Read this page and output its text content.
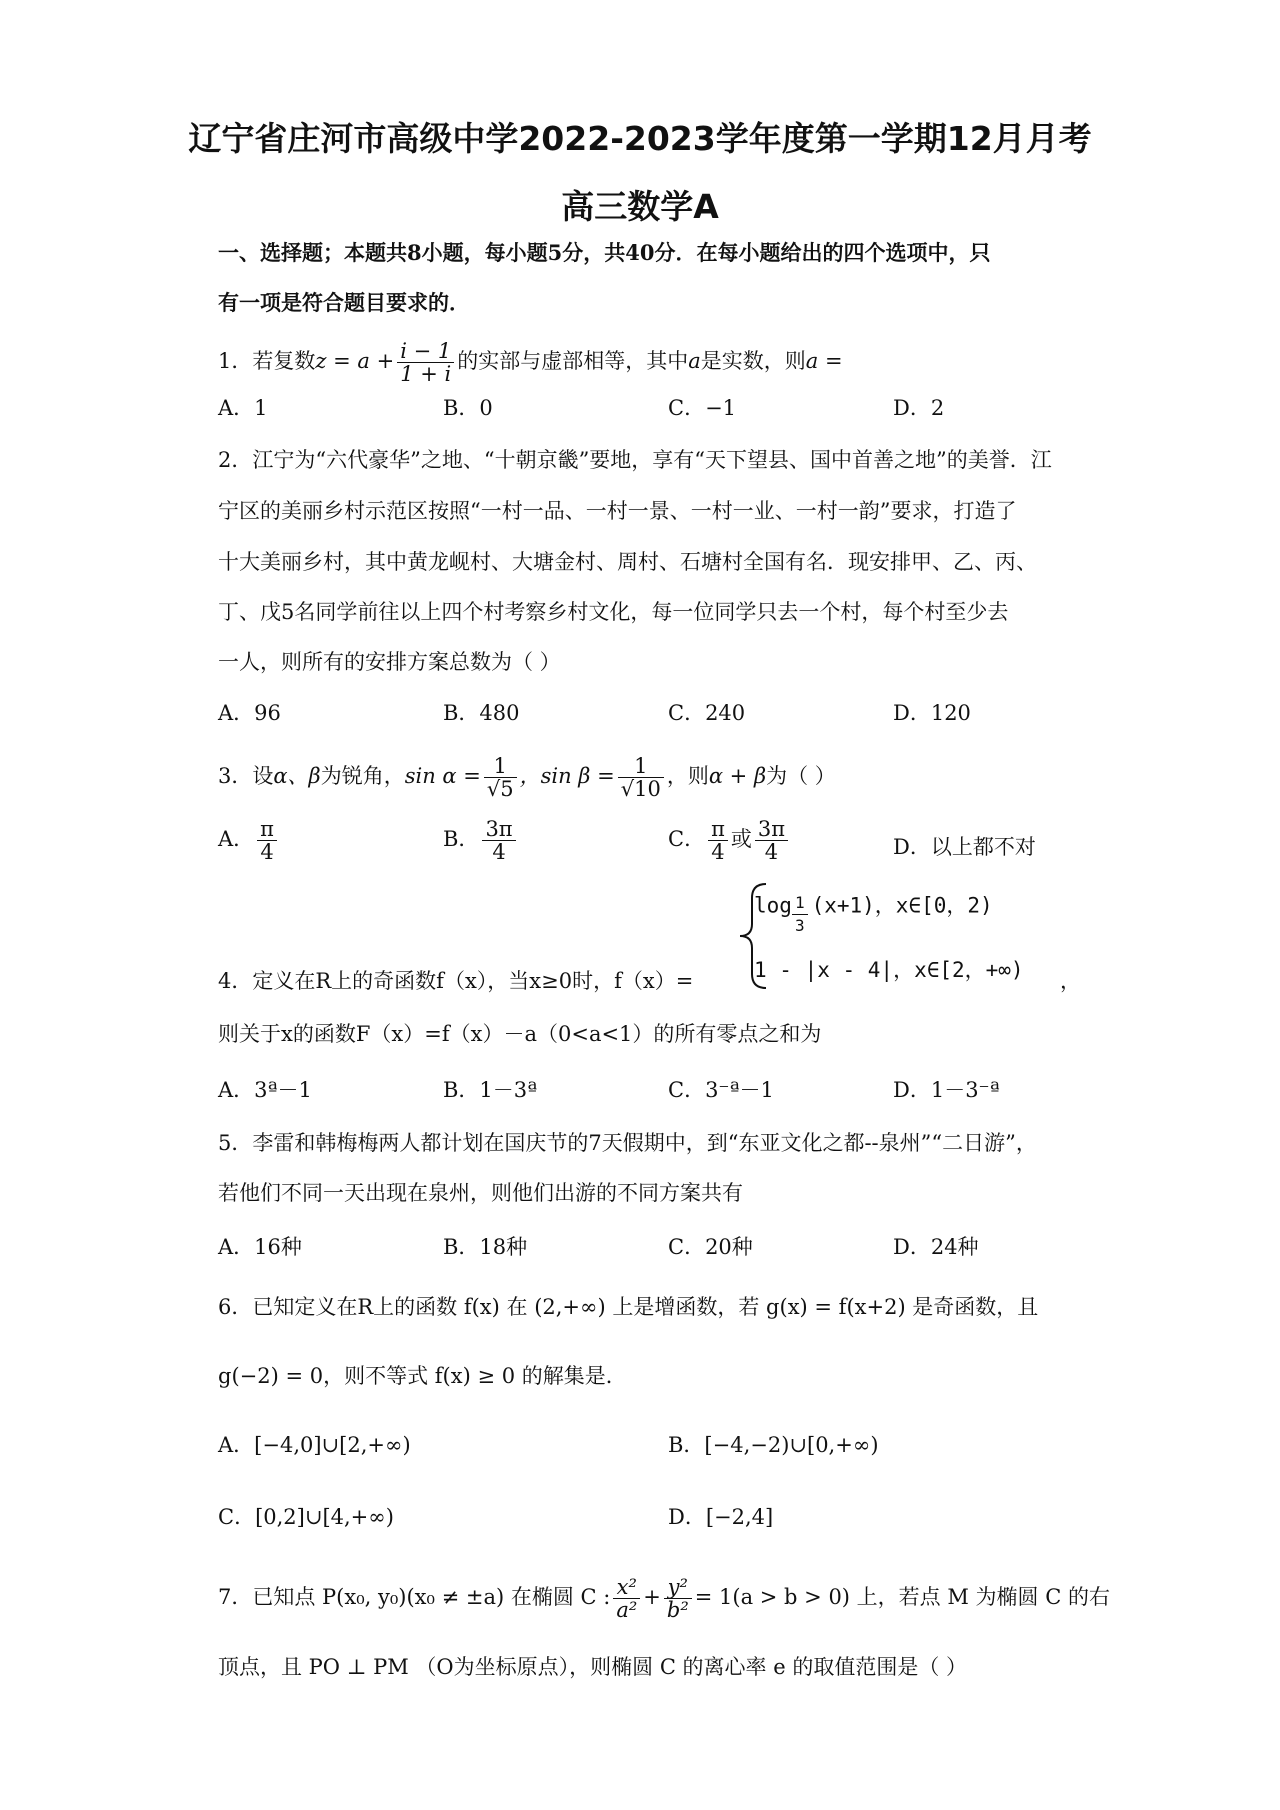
辽宁省庄河市高级中学2022-2023学年度第一学期12月月考
高三数学A
一、选择题；本题共8小题，每小题5分，共40分．在每小题给出的四个选项中，只
有一项是符合题目要求的．
1．若复数$z = a + \frac{i - 1}{1 + i}$ 的实部与虚部相等，其中a是实数，则a =
A．1	B．0	C．−1	D．2
2．江宁为“六代豪华”之地、“十朝京畿”要地，享有“天下望县、国中首善之地”的美誉．江
宁区的美丽乡村示范区按照“一村一品、一村一景、一村一业、一村一韵”要求，打造了
十大美丽乡村，其中黄龙岘村、大塘金村、周村、石塘村全国有名．现安排甲、乙、丙、
丁、戊5名同学前往以上四个村考察乡村文化，每一位同学只去一个村，每个村至少去
一人，则所有的安排方案总数为（ ）
A．96	B．480	C．240	D．120
3．设α、β为锐角，$\sin \alpha = \frac{1}{√5}$ ，$\sin \beta = \frac{1}{√10}$ ，则α + β为（ ）
A． $\frac{\pi}{4}$	B． $\frac{3\pi}{4}$	C． $\frac{\pi}{4}$ 或 $\frac{3\pi}{4}$	D．以上都不对
$\log \frac{1}{3} (x+1)$，x∈[0，2)
1 - |x - 4|，x∈[2，+∞)
4．定义在R上的奇函数f（x），当x≥0时，f（x）=	，
则关于x的函数F（x）=f（x）－a（0<a<1）的所有零点之和为
A．3ª－1	B．1－3ª	C．3⁻ª－1	D．1－3⁻ª
5．李雷和韩梅梅两人都计划在国庆节的7天假期中，到“东亚文化之都--泉州”“二日游”，
若他们不同一天出现在泉州，则他们出游的不同方案共有
A．16种	B．18种	C．20种	D．24种
6．已知定义在R上的函数 f(x) 在 (2,+∞) 上是增函数，若 g(x) = f(x+2) 是奇函数，且
g(−2) = 0，则不等式 f(x) ≥ 0 的解集是．
A．[−4,0]∪[2,+∞)	B．[−4,−2)∪[0,+∞)
C．[0,2]∪[4,+∞)	D．[−2,4]
7．已知点 P(x₀, y₀)(x₀ ≠ ±a) 在椭圆 C : $\frac{\text{x²}}{\text{a²}} + \frac{\text{y²}}{\text{b²}} = 1(a > b > 0)$ 上，若点 M 为椭圆 C 的右
顶点，且 PO ⊥ PM （O为坐标原点），则椭圆 C 的离心率 e 的取值范围是（ ）
